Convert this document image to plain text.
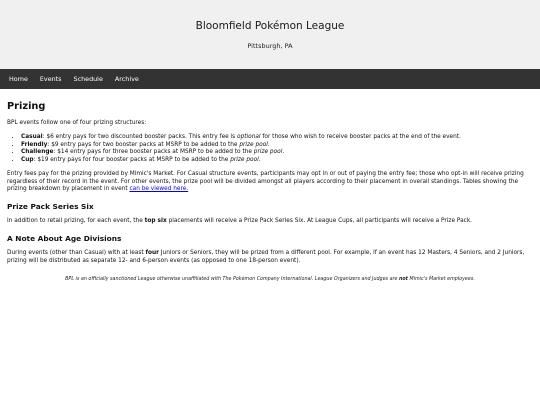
Bloomfield Pokémon League
Pittsburgh, PA
Home	Events	Schedule	Archive
Prizing

BPL events follow one of four prizing structures:

• Casual: $6 entry pays for two discounted booster packs. This entry fee is optional for those who wish to receive booster packs at the end of the event.
• Friendly: $9 entry pays for two booster packs at MSRP to be added to the prize pool.
• Challenge: $14 entry pays for three booster packs at MSRP to be added to the prize pool.
• Cup: $19 entry pays for four booster packs at MSRP to be added to the prize pool.

Entry fees pay for the prizing provided by Mimic's Market. For Casual structure events, participants may opt in or out of paying the entry fee; those who opt-in will receive prizing regardless of their record in the event. For other events, the prize pool will be divided amongst all players according to their placement in overall standings. Tables showing the prizing breakdown by placement in event can be viewed here.

Prize Pack Series Six

In addition to retail prizing, for each event, the top six placements will receive a Prize Pack Series Six. At League Cups, all participants will receive a Prize Pack.

A Note About Age Divisions

During events (other than Casual) with at least four Juniors or Seniors, they will be prized from a different pool. For example, if an event has 12 Masters, 4 Seniors, and 2 Juniors, prizing will be distributed as separate 12- and 6-person events (as opposed to one 18-person event).

BPL is an officially sanctioned League otherwise unaffiliated with The Pokémon Company International. League Organizers and Judges are not Mimic's Market employees.
